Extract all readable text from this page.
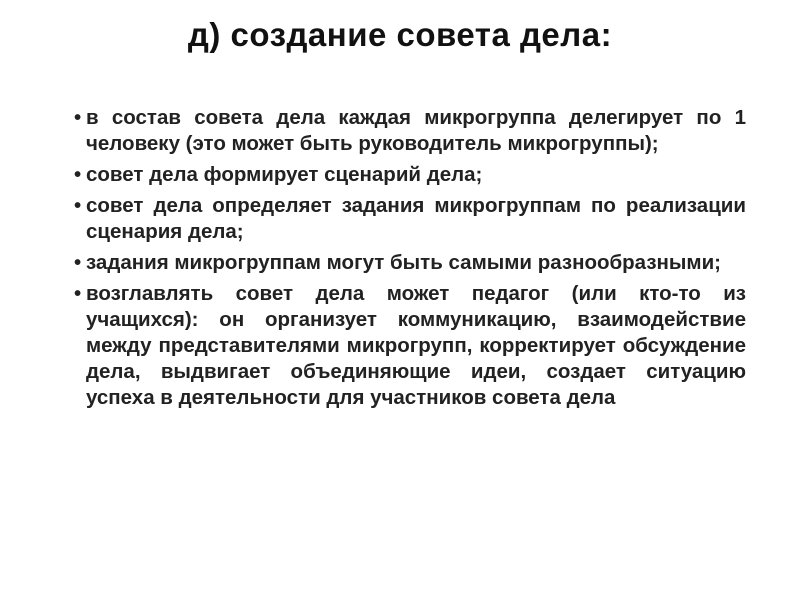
д) создание совета дела:
• в состав совета дела каждая микрогруппа делегирует по 1 человеку (это может быть руководитель микрогруппы);
• совет дела формирует сценарий дела;
• совет дела определяет задания микрогруппам по реализации сценария дела;
• задания микрогруппам могут быть самыми разнообразными;
• возглавлять совет дела может педагог (или кто-то из учащихся): он организует коммуникацию, взаимодействие между представителями микрогрупп, корректирует обсуждение дела, выдвигает объединяющие идеи, создает ситуацию успеха в деятельности для участников совета дела
